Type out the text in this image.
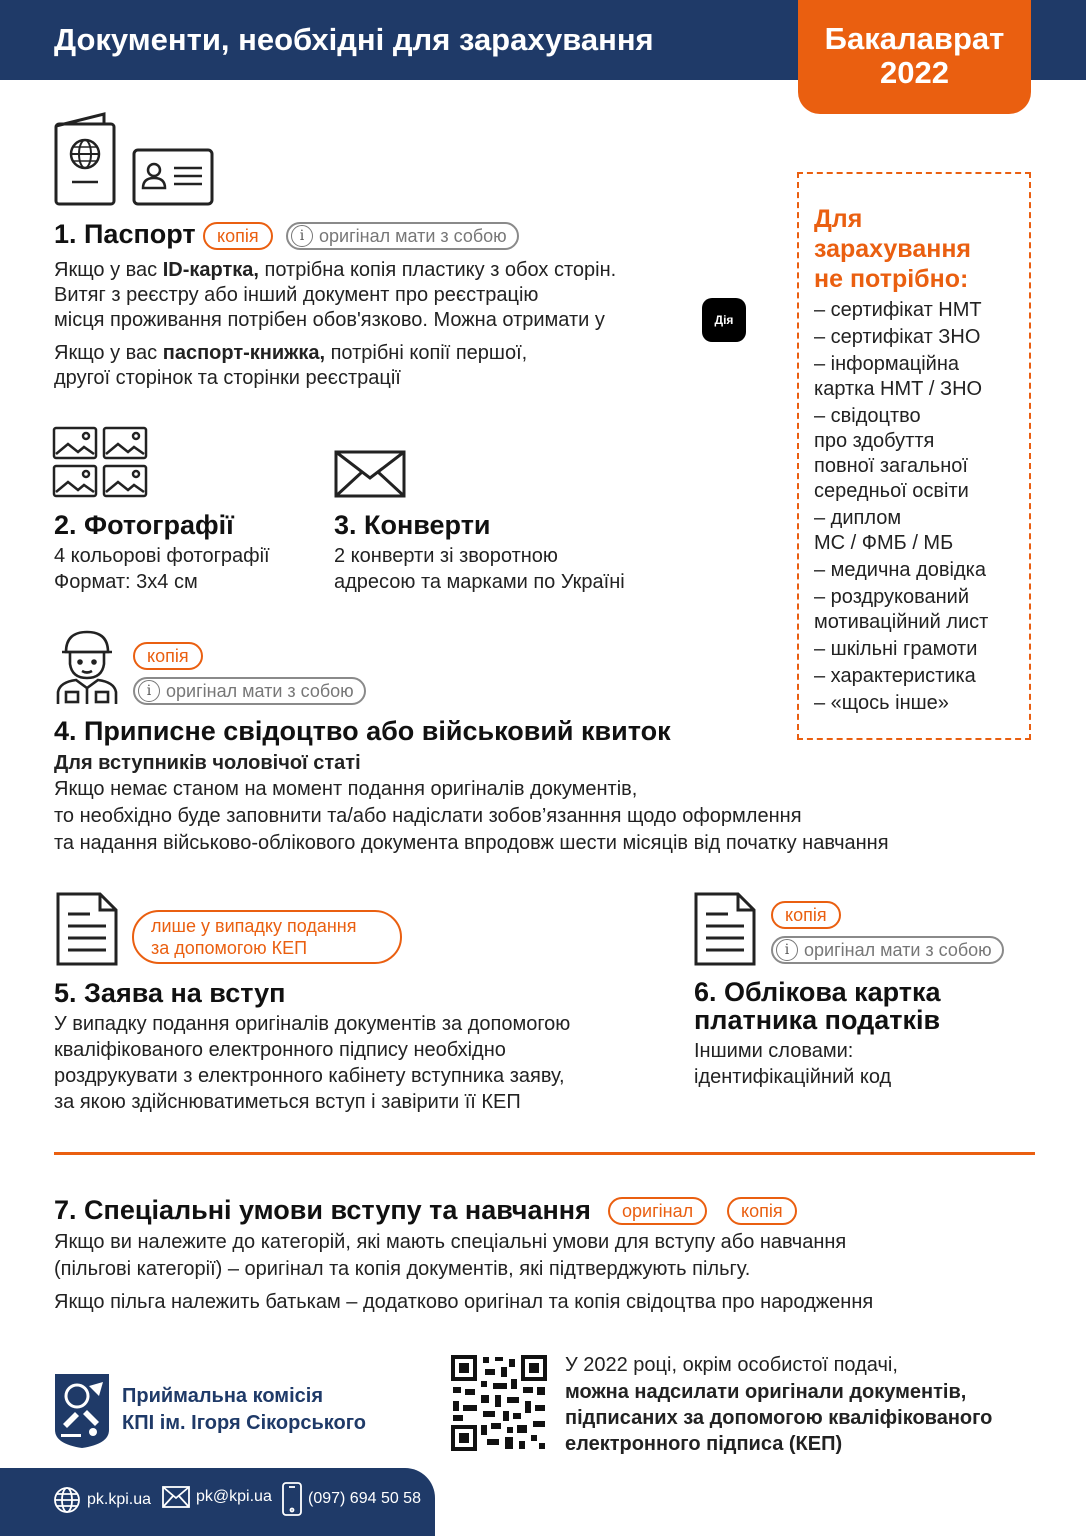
Документи, необхідні для зарахування	Бакалаврат
2022
1. Паспорт	копія	i оригінал мати з собою
Якщо у вас ID-картка, потрібна копія пластику з обох сторін.
Витяг з реєстру або інший документ про реєстрацію
місця проживання потрібен обов'язково. Можна отримати у	Дія
Якщо у вас паспорт-книжка, потрібні копії першої,
другої сторінок та сторінки реєстрації
2. Фотографії
4 кольорові фотографії
Формат: 3х4 см
3. Конверти
2 конверти зі зворотною
адресою та марками по Україні
копія
i оригінал мати з собою
4. Приписне свідоцтво або військовий квиток
Для вступників чоловічої статі
Якщо немає станом на момент подання оригіналів документів,
то необхідно буде заповнити та/або надіслати зобов’язанння щодо оформлення
та надання військово-облікового документа впродовж шести місяців від початку навчання
лише у випадку подання
за допомогою КЕП
5. Заява на вступ
У випадку подання оригіналів документів за допомогою
кваліфікованого електронного підпису необхідно
роздрукувати з електронного кабінету вступника заяву,
за якою здійснюватиметься вступ і завірити її КЕП
копія
i оригінал мати з собою
6. Облікова картка
платника податків
Іншими словами:
ідентифікаційний код
Для
зарахування
не потрібно:
– сертифікат НМТ
– сертифікат ЗНО
– інформаційна
картка НМТ / ЗНО
– свідоцтво
про здобуття
повної загальної
середньої освіти
– диплом
МС / ФМБ / МБ
– медична довідка
– роздрукований
мотиваційний лист
– шкільні грамоти
– характеристика
– «щось інше»
7. Спеціальні умови вступу та навчання	оригінал	копія
Якщо ви належите до категорій, які мають спеціальні умови для вступу або навчання
(пільгові категорії) – оригінал та копія документів, які підтверджують пільгу.
Якщо пільга належить батькам – додатково оригінал та копія свідоцтва про народження
Приймальна комісія
КПІ ім. Ігоря Сікорського
У 2022 році, окрім особистої подачі,
можна надсилати оригінали документів,
підписаних за допомогою кваліфікованого
електронного підписа (КЕП)
pk.kpi.ua	pk@kpi.ua (097) 694 50 58
